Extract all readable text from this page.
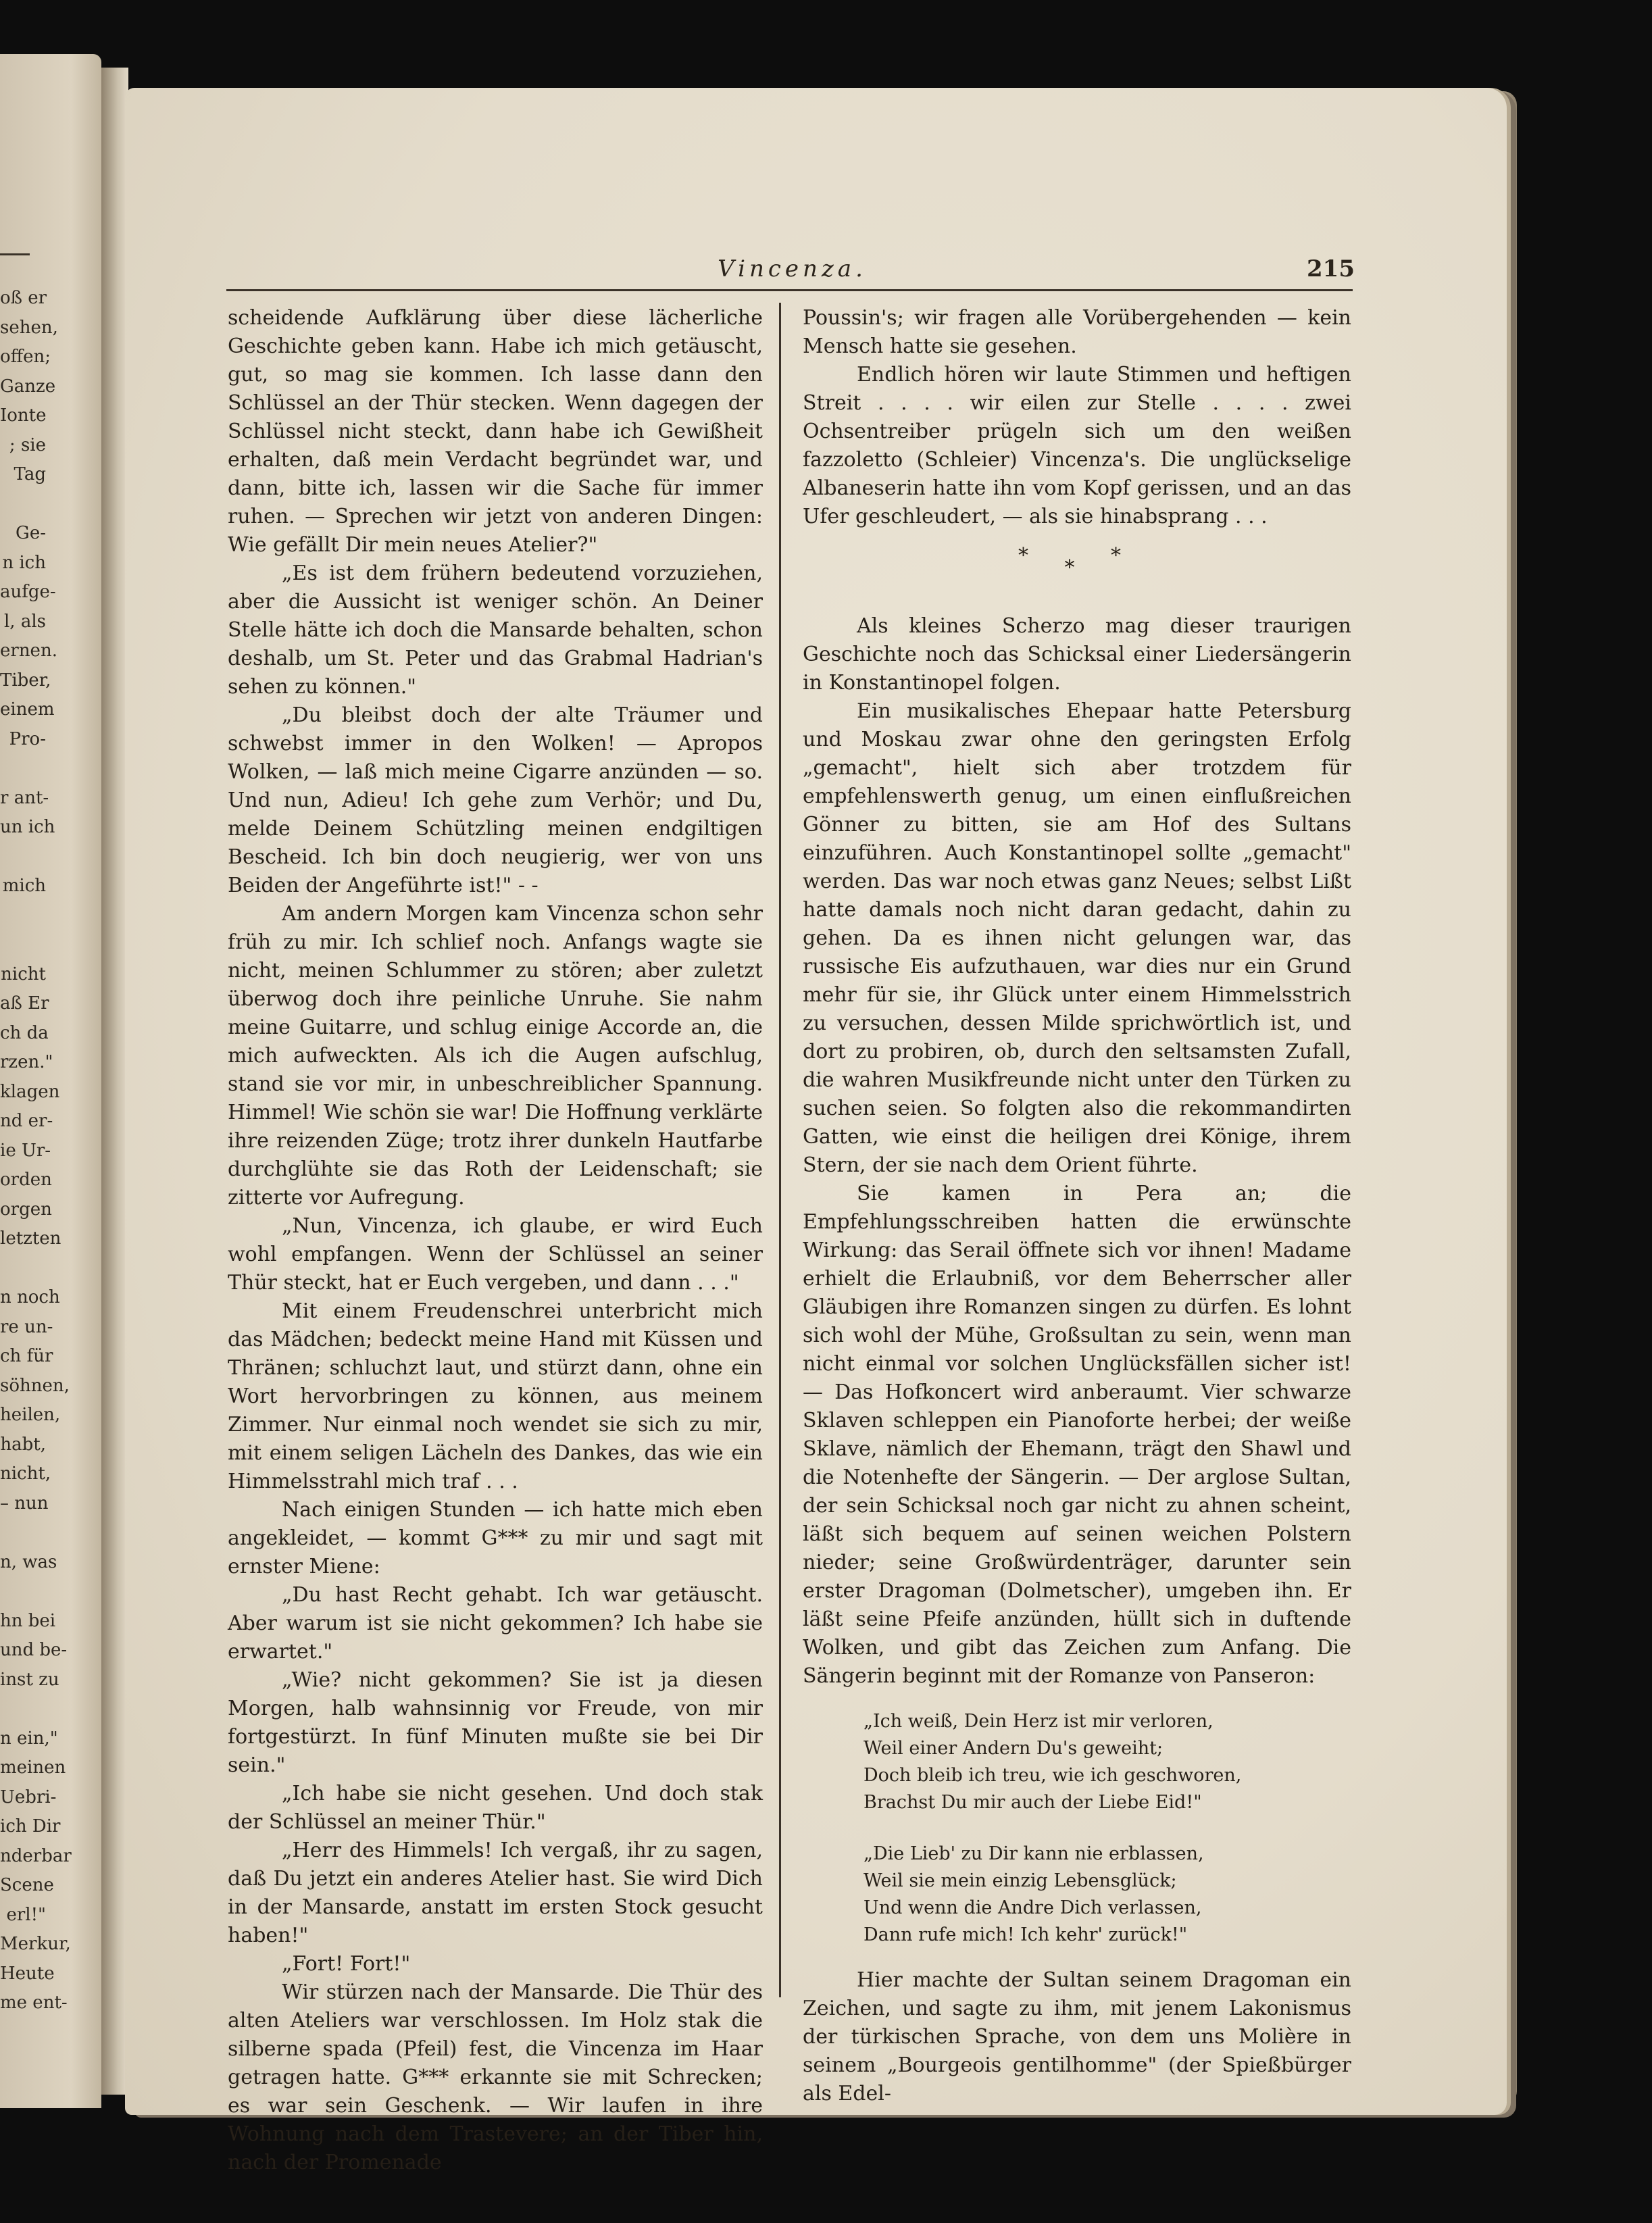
oß er
sehen,
offen;
Ganze
Ionte
; sie
Tag
Ge-
n ich
aufge-
l, als
ernen.
Tiber,
einem
Pro-
r ant-
un ich
mich
nicht
aß Er
ch da
rzen."
klagen
nd er-
ie Ur-
orden
orgen
letzten
n noch
re un-
ch für
söhnen,
heilen,
habt,
nicht,
– nun
n, was
hn bei
und be-
inst zu
n ein,"
meinen
Uebri-
ich Dir
nderbar
Scene
erl!"
Merkur,
Heute
me ent-
Vincenza.	215

scheidende Aufklärung über diese lächerliche Geschichte geben kann. Habe ich mich getäuscht, gut, so mag sie kommen. Ich lasse dann den Schlüssel an der Thür stecken. Wenn dagegen der Schlüssel nicht steckt, dann habe ich Gewißheit erhalten, daß mein Verdacht begründet war, und dann, bitte ich, lassen wir die Sache für immer ruhen. — Sprechen wir jetzt von anderen Dingen: Wie gefällt Dir mein neues Atelier?"

„Es ist dem frühern bedeutend vorzuziehen, aber die Aussicht ist weniger schön. An Deiner Stelle hätte ich doch die Mansarde behalten, schon deshalb, um St. Peter und das Grabmal Hadrian's sehen zu können."

„Du bleibst doch der alte Träumer und schwebst immer in den Wolken! — Apropos Wolken, — laß mich meine Cigarre anzünden — so. Und nun, Adieu! Ich gehe zum Verhör; und Du, melde Deinem Schützling meinen endgiltigen Bescheid. Ich bin doch neugierig, wer von uns Beiden der Angeführte ist!" - -

Am andern Morgen kam Vincenza schon sehr früh zu mir. Ich schlief noch. Anfangs wagte sie nicht, meinen Schlummer zu stören; aber zuletzt überwog doch ihre peinliche Unruhe. Sie nahm meine Guitarre, und schlug einige Accorde an, die mich aufweckten. Als ich die Augen aufschlug, stand sie vor mir, in unbeschreiblicher Spannung. Himmel! Wie schön sie war! Die Hoffnung verklärte ihre reizenden Züge; trotz ihrer dunkeln Hautfarbe durchglühte sie das Roth der Leidenschaft; sie zitterte vor Aufregung.

„Nun, Vincenza, ich glaube, er wird Euch wohl empfangen. Wenn der Schlüssel an seiner Thür steckt, hat er Euch vergeben, und dann . . ."

Mit einem Freudenschrei unterbricht mich das Mädchen; bedeckt meine Hand mit Küssen und Thränen; schluchzt laut, und stürzt dann, ohne ein Wort hervorbringen zu können, aus meinem Zimmer. Nur einmal noch wendet sie sich zu mir, mit einem seligen Lächeln des Dankes, das wie ein Himmelsstrahl mich traf . . .

Nach einigen Stunden — ich hatte mich eben angekleidet, — kommt G*** zu mir und sagt mit ernster Miene:

„Du hast Recht gehabt. Ich war getäuscht. Aber warum ist sie nicht gekommen? Ich habe sie erwartet."

„Wie? nicht gekommen? Sie ist ja diesen Morgen, halb wahnsinnig vor Freude, von mir fortgestürzt. In fünf Minuten mußte sie bei Dir sein."

„Ich habe sie nicht gesehen. Und doch stak der Schlüssel an meiner Thür."

„Herr des Himmels! Ich vergaß, ihr zu sagen, daß Du jetzt ein anderes Atelier hast. Sie wird Dich in der Mansarde, anstatt im ersten Stock gesucht haben!"

„Fort! Fort!"

Wir stürzen nach der Mansarde. Die Thür des alten Ateliers war verschlossen. Im Holz stak die silberne spada (Pfeil) fest, die Vincenza im Haar getragen hatte. G*** erkannte sie mit Schrecken; es war sein Geschenk. — Wir laufen in ihre Wohnung nach dem Trastevere; an der Tiber hin, nach der Promenade

Poussin's; wir fragen alle Vorübergehenden — kein Mensch hatte sie gesehen.

Endlich hören wir laute Stimmen und heftigen Streit . . . . wir eilen zur Stelle . . . . zwei Ochsentreiber prügeln sich um den weißen fazzoletto (Schleier) Vincenza's. Die unglückselige Albaneserin hatte ihn vom Kopf gerissen, und an das Ufer geschleudert, — als sie hinabsprang . . .

* * *

Als kleines Scherzo mag dieser traurigen Geschichte noch das Schicksal einer Liedersängerin in Konstantinopel folgen.

Ein musikalisches Ehepaar hatte Petersburg und Moskau zwar ohne den geringsten Erfolg „gemacht", hielt sich aber trotzdem für empfehlenswerth genug, um einen einflußreichen Gönner zu bitten, sie am Hof des Sultans einzuführen. Auch Konstantinopel sollte „gemacht" werden. Das war noch etwas ganz Neues; selbst Lißt hatte damals noch nicht daran gedacht, dahin zu gehen. Da es ihnen nicht gelungen war, das russische Eis aufzuthauen, war dies nur ein Grund mehr für sie, ihr Glück unter einem Himmelsstrich zu versuchen, dessen Milde sprichwörtlich ist, und dort zu probiren, ob, durch den seltsamsten Zufall, die wahren Musikfreunde nicht unter den Türken zu suchen seien. So folgten also die rekommandirten Gatten, wie einst die heiligen drei Könige, ihrem Stern, der sie nach dem Orient führte.

Sie kamen in Pera an; die Empfehlungsschreiben hatten die erwünschte Wirkung: das Serail öffnete sich vor ihnen! Madame erhielt die Erlaubniß, vor dem Beherrscher aller Gläubigen ihre Romanzen singen zu dürfen. Es lohnt sich wohl der Mühe, Großsultan zu sein, wenn man nicht einmal vor solchen Unglücksfällen sicher ist! — Das Hofkoncert wird anberaumt. Vier schwarze Sklaven schleppen ein Pianoforte herbei; der weiße Sklave, nämlich der Ehemann, trägt den Shawl und die Notenhefte der Sängerin. — Der arglose Sultan, der sein Schicksal noch gar nicht zu ahnen scheint, läßt sich bequem auf seinen weichen Polstern nieder; seine Großwürdenträger, darunter sein erster Dragoman (Dolmetscher), umgeben ihn. Er läßt seine Pfeife anzünden, hüllt sich in duftende Wolken, und gibt das Zeichen zum Anfang. Die Sängerin beginnt mit der Romanze von Panseron:

„Ich weiß, Dein Herz ist mir verloren,
Weil einer Andern Du's geweiht;
Doch bleib ich treu, wie ich geschworen,
Brachst Du mir auch der Liebe Eid!"
„Die Lieb' zu Dir kann nie erblassen,
Weil sie mein einzig Lebensglück;
Und wenn die Andre Dich verlassen,
Dann rufe mich! Ich kehr' zurück!"

Hier machte der Sultan seinem Dragoman ein Zeichen, und sagte zu ihm, mit jenem Lakonismus der türkischen Sprache, von dem uns Molière in seinem „Bourgeois gentilhomme" (der Spießbürger als Edel-
